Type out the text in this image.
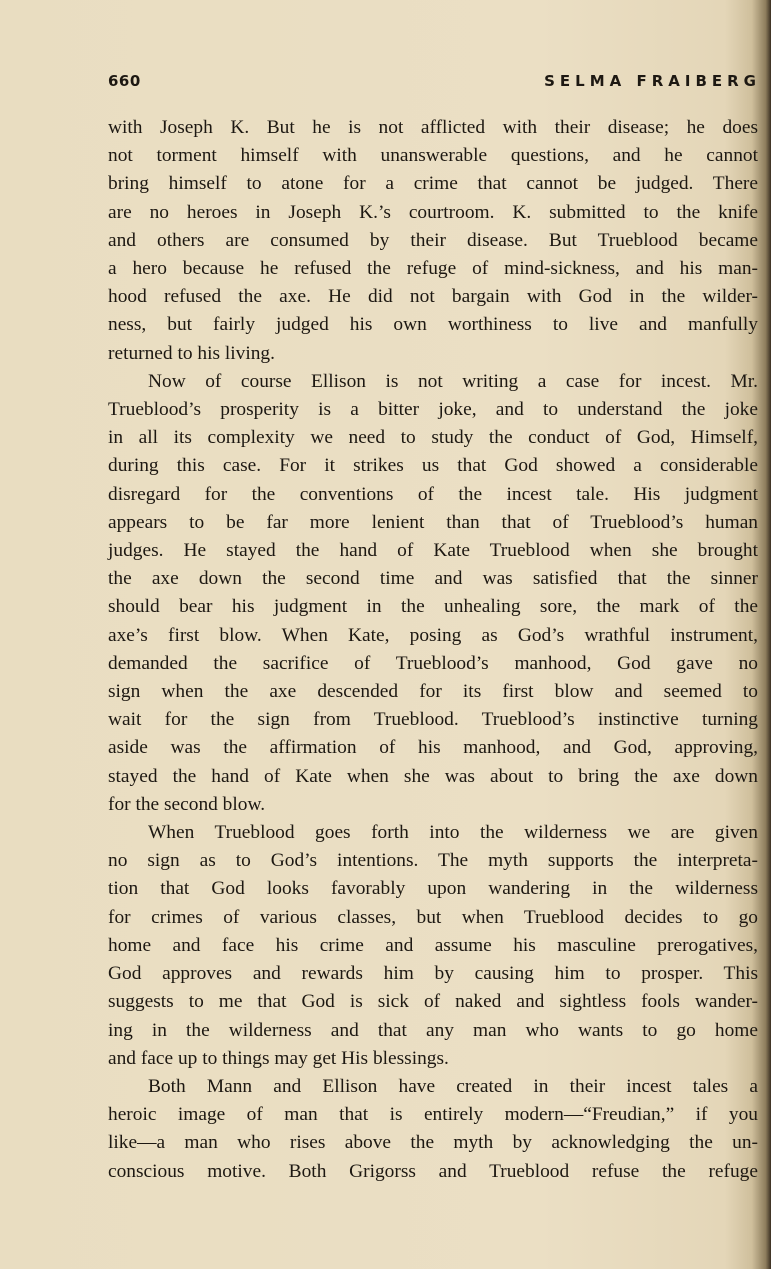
660	SELMA FRAIBERG
with Joseph K. But he is not afflicted with their disease; he does
not torment himself with unanswerable questions, and he cannot
bring himself to atone for a crime that cannot be judged. There
are no heroes in Joseph K.’s courtroom. K. submitted to the knife
and others are consumed by their disease. But Trueblood became
a hero because he refused the refuge of mind-sickness, and his man-
hood refused the axe. He did not bargain with God in the wilder-
ness, but fairly judged his own worthiness to live and manfully
returned to his living.
Now of course Ellison is not writing a case for incest. Mr.
Trueblood’s prosperity is a bitter joke, and to understand the joke
in all its complexity we need to study the conduct of God, Himself,
during this case. For it strikes us that God showed a considerable
disregard for the conventions of the incest tale. His judgment
appears to be far more lenient than that of Trueblood’s human
judges. He stayed the hand of Kate Trueblood when she brought
the axe down the second time and was satisfied that the sinner
should bear his judgment in the unhealing sore, the mark of the
axe’s first blow. When Kate, posing as God’s wrathful instrument,
demanded the sacrifice of Trueblood’s manhood, God gave no
sign when the axe descended for its first blow and seemed to
wait for the sign from Trueblood. Trueblood’s instinctive turning
aside was the affirmation of his manhood, and God, approving,
stayed the hand of Kate when she was about to bring the axe down
for the second blow.
When Trueblood goes forth into the wilderness we are given
no sign as to God’s intentions. The myth supports the interpreta-
tion that God looks favorably upon wandering in the wilderness
for crimes of various classes, but when Trueblood decides to go
home and face his crime and assume his masculine prerogatives,
God approves and rewards him by causing him to prosper. This
suggests to me that God is sick of naked and sightless fools wander-
ing in the wilderness and that any man who wants to go home
and face up to things may get His blessings.
Both Mann and Ellison have created in their incest tales a
heroic image of man that is entirely modern—“Freudian,” if you
like—a man who rises above the myth by acknowledging the un-
conscious motive. Both Grigorss and Trueblood refuse the refuge
